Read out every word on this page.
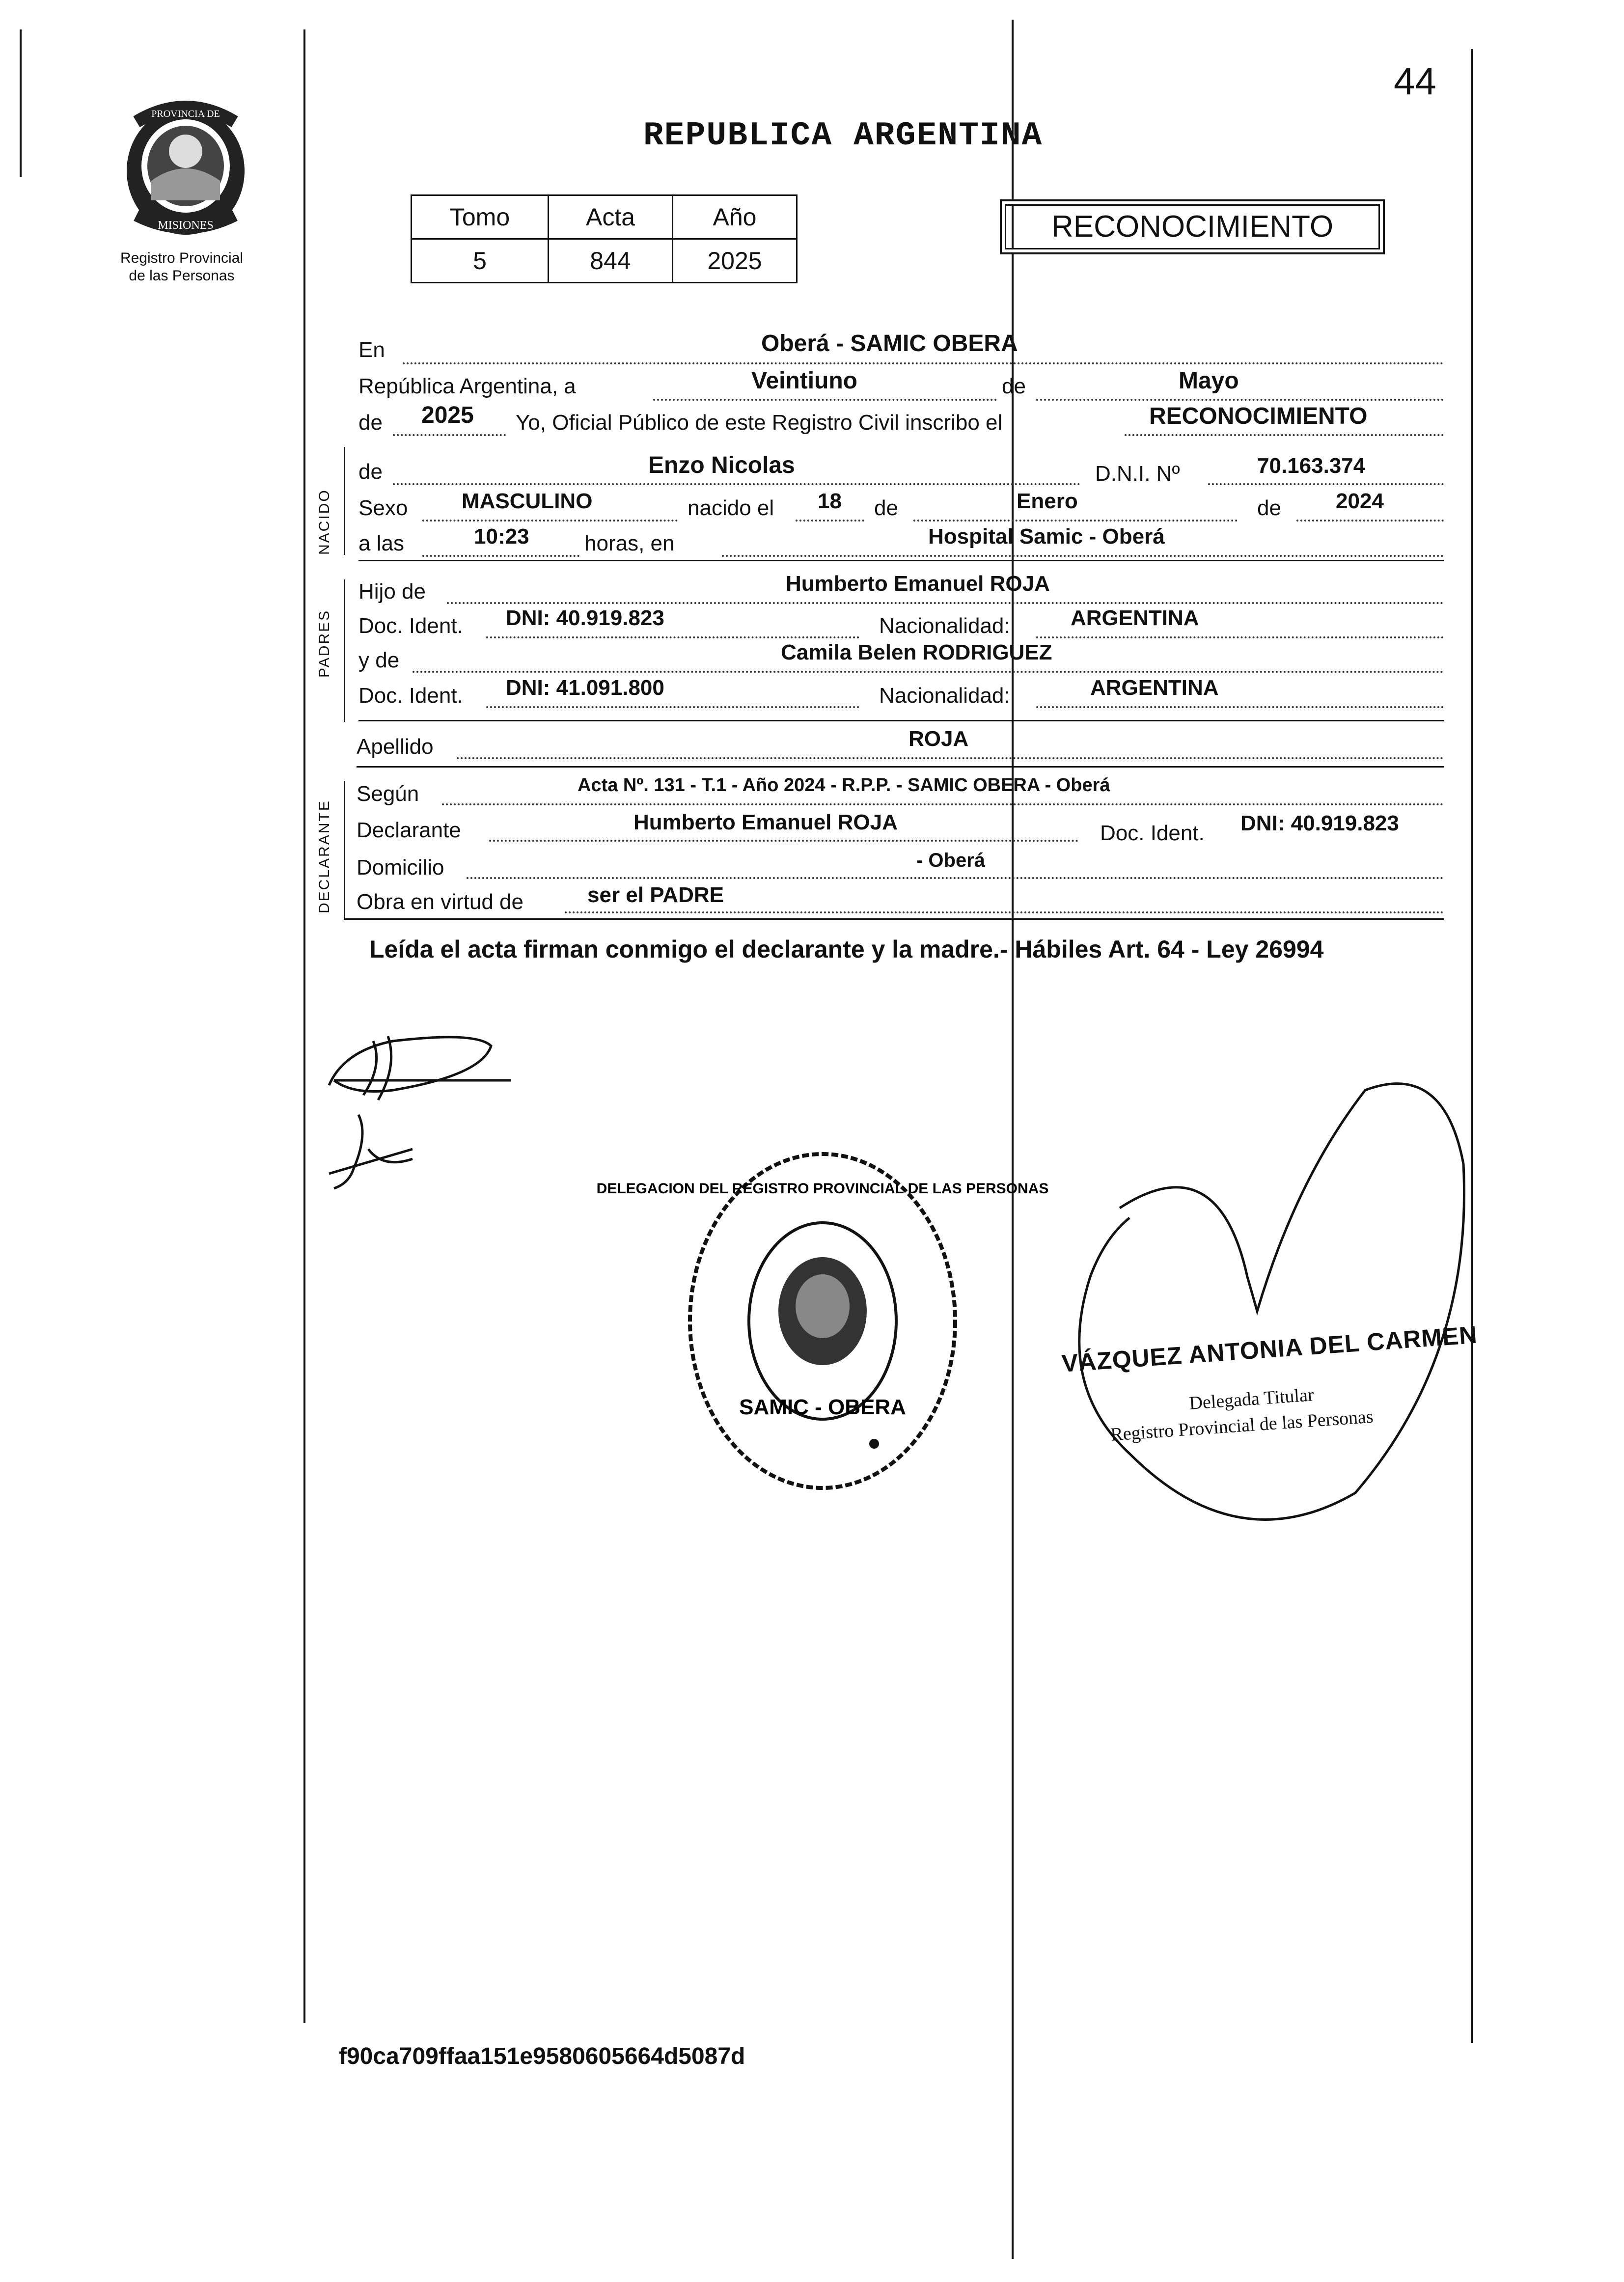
44
PROVINCIA DE
MISIONES
Registro Provincial
de las Personas
REPUBLICA ARGENTINA
Tomo	Acta	Año
5	844	2025
RECONOCIMIENTO
En	Oberá - SAMIC OBERA
República Argentina, a	Veintiuno	de	Mayo
de 2025 Yo, Oficial Público de este Registro Civil inscribo el	RECONOCIMIENTO
NACIDO
de	Enzo Nicolas	D.N.I. Nº	70.163.374
Sexo MASCULINO	nacido el 18 de	Enero	de	2024
a las	10:23	horas, en	Hospital Samic - Oberá
PADRES
Hijo de	Humberto Emanuel ROJA
Doc. Ident. DNI: 40.919.823	Nacionalidad:	ARGENTINA
y de	Camila Belen RODRIGUEZ
Doc. Ident. DNI: 41.091.800	Nacionalidad:	ARGENTINA
Apellido	ROJA
DECLARANTE
Según	Acta Nº. 131 - T.1 - Año 2024 - R.P.P. - SAMIC OBERA - Oberá
Declarante	Humberto Emanuel ROJA	Doc. Ident. DNI: 40.919.823
Domicilio	- Oberá
Obra en virtud de	ser el PADRE
Leída el acta firman conmigo el declarante y la madre.- Hábiles Art. 64 - Ley 26994
SAMIC - OBERA
DELEGACION DEL REGISTRO PROVINCIAL DE LAS PERSONAS
VÁZQUEZ ANTONIA DEL CARMEN
Delegada Titular
Registro Provincial de las Personas
f90ca709ffaa151e9580605664d5087d
